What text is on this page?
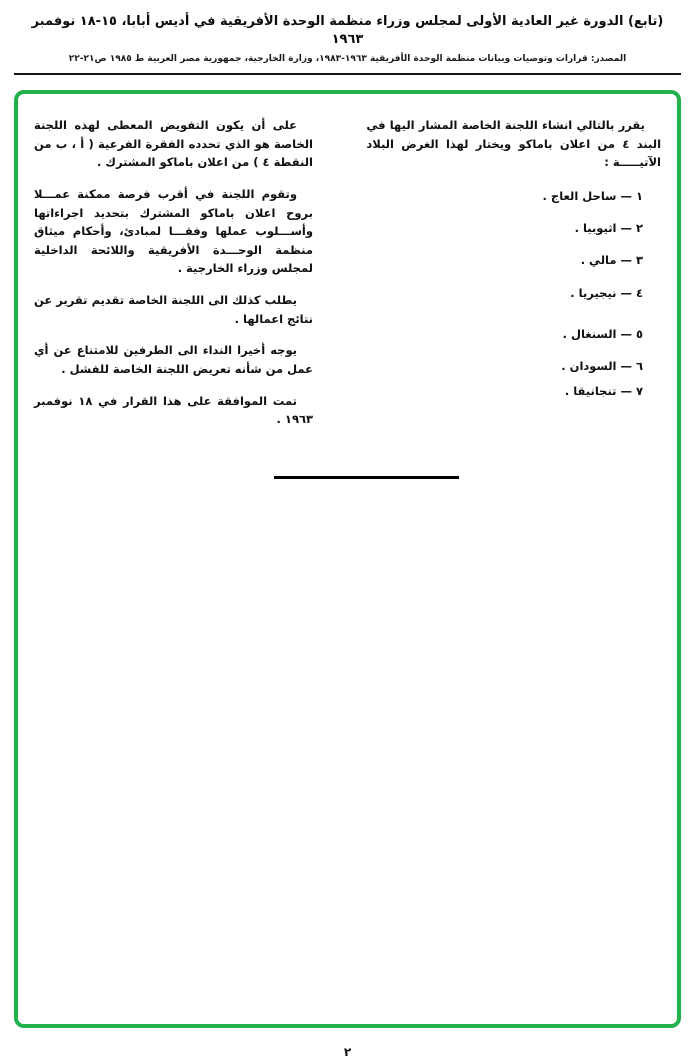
(تابع) الدورة غير العادية الأولى لمجلس وزراء منظمة الوحدة الأفريقية في أديس أبابا، ١٥-١٨ نوفمبر ١٩٦٣
المصدر: قرارات وتوصيات وبيانات منظمة الوحدة الأفريقية ١٩٦٣-١٩٨٣، وزارة الخارجية، جمهورية مصر العربية ط ١٩٨٥ ص٢١-٢٢

يقرر بالتالي انشاء اللجنة الخاصة المشار اليها في البند ٤ من اعلان باماكو ويختار لهذا الغرض البلاد الآتيـــــة :

١ — ساحل العاج .
٢ — اثيوبيا .
٣ — مالي .
٤ — نيجيريا .
٥ — السنغال .
٦ — السودان .
٧ — تنجانيقا .

على أن يكون التفويض المعطى لهذه اللجنة الخاصة هو الذي تحدده الفقرة الفرعية ( أ ، ب من النقطة ٤ ) من اعلان باماكو المشترك .

وتقوم اللجنة في أقرب فرصة ممكنة عمـــلا بروح اعلان باماكو المشترك بتحديد اجراءاتها وأســـلوب عملها وفقـــا لمبادئ، وأحكام ميثاق منظمة الوحـــدة الأفريقية واللائحة الداخلية لمجلس وزراء الخارجية .

يطلب كذلك الى اللجنة الخاصة تقديم تقرير عن نتائج اعمالها .

يوجه أخيرا النداء الى الطرفين للامتناع عن أي عمل من شأنه تعريض اللجنة الخاصة للفشل .

تمت الموافقة على هذا القرار في ١٨ نوفمبر ١٩٦٣ .

٢
